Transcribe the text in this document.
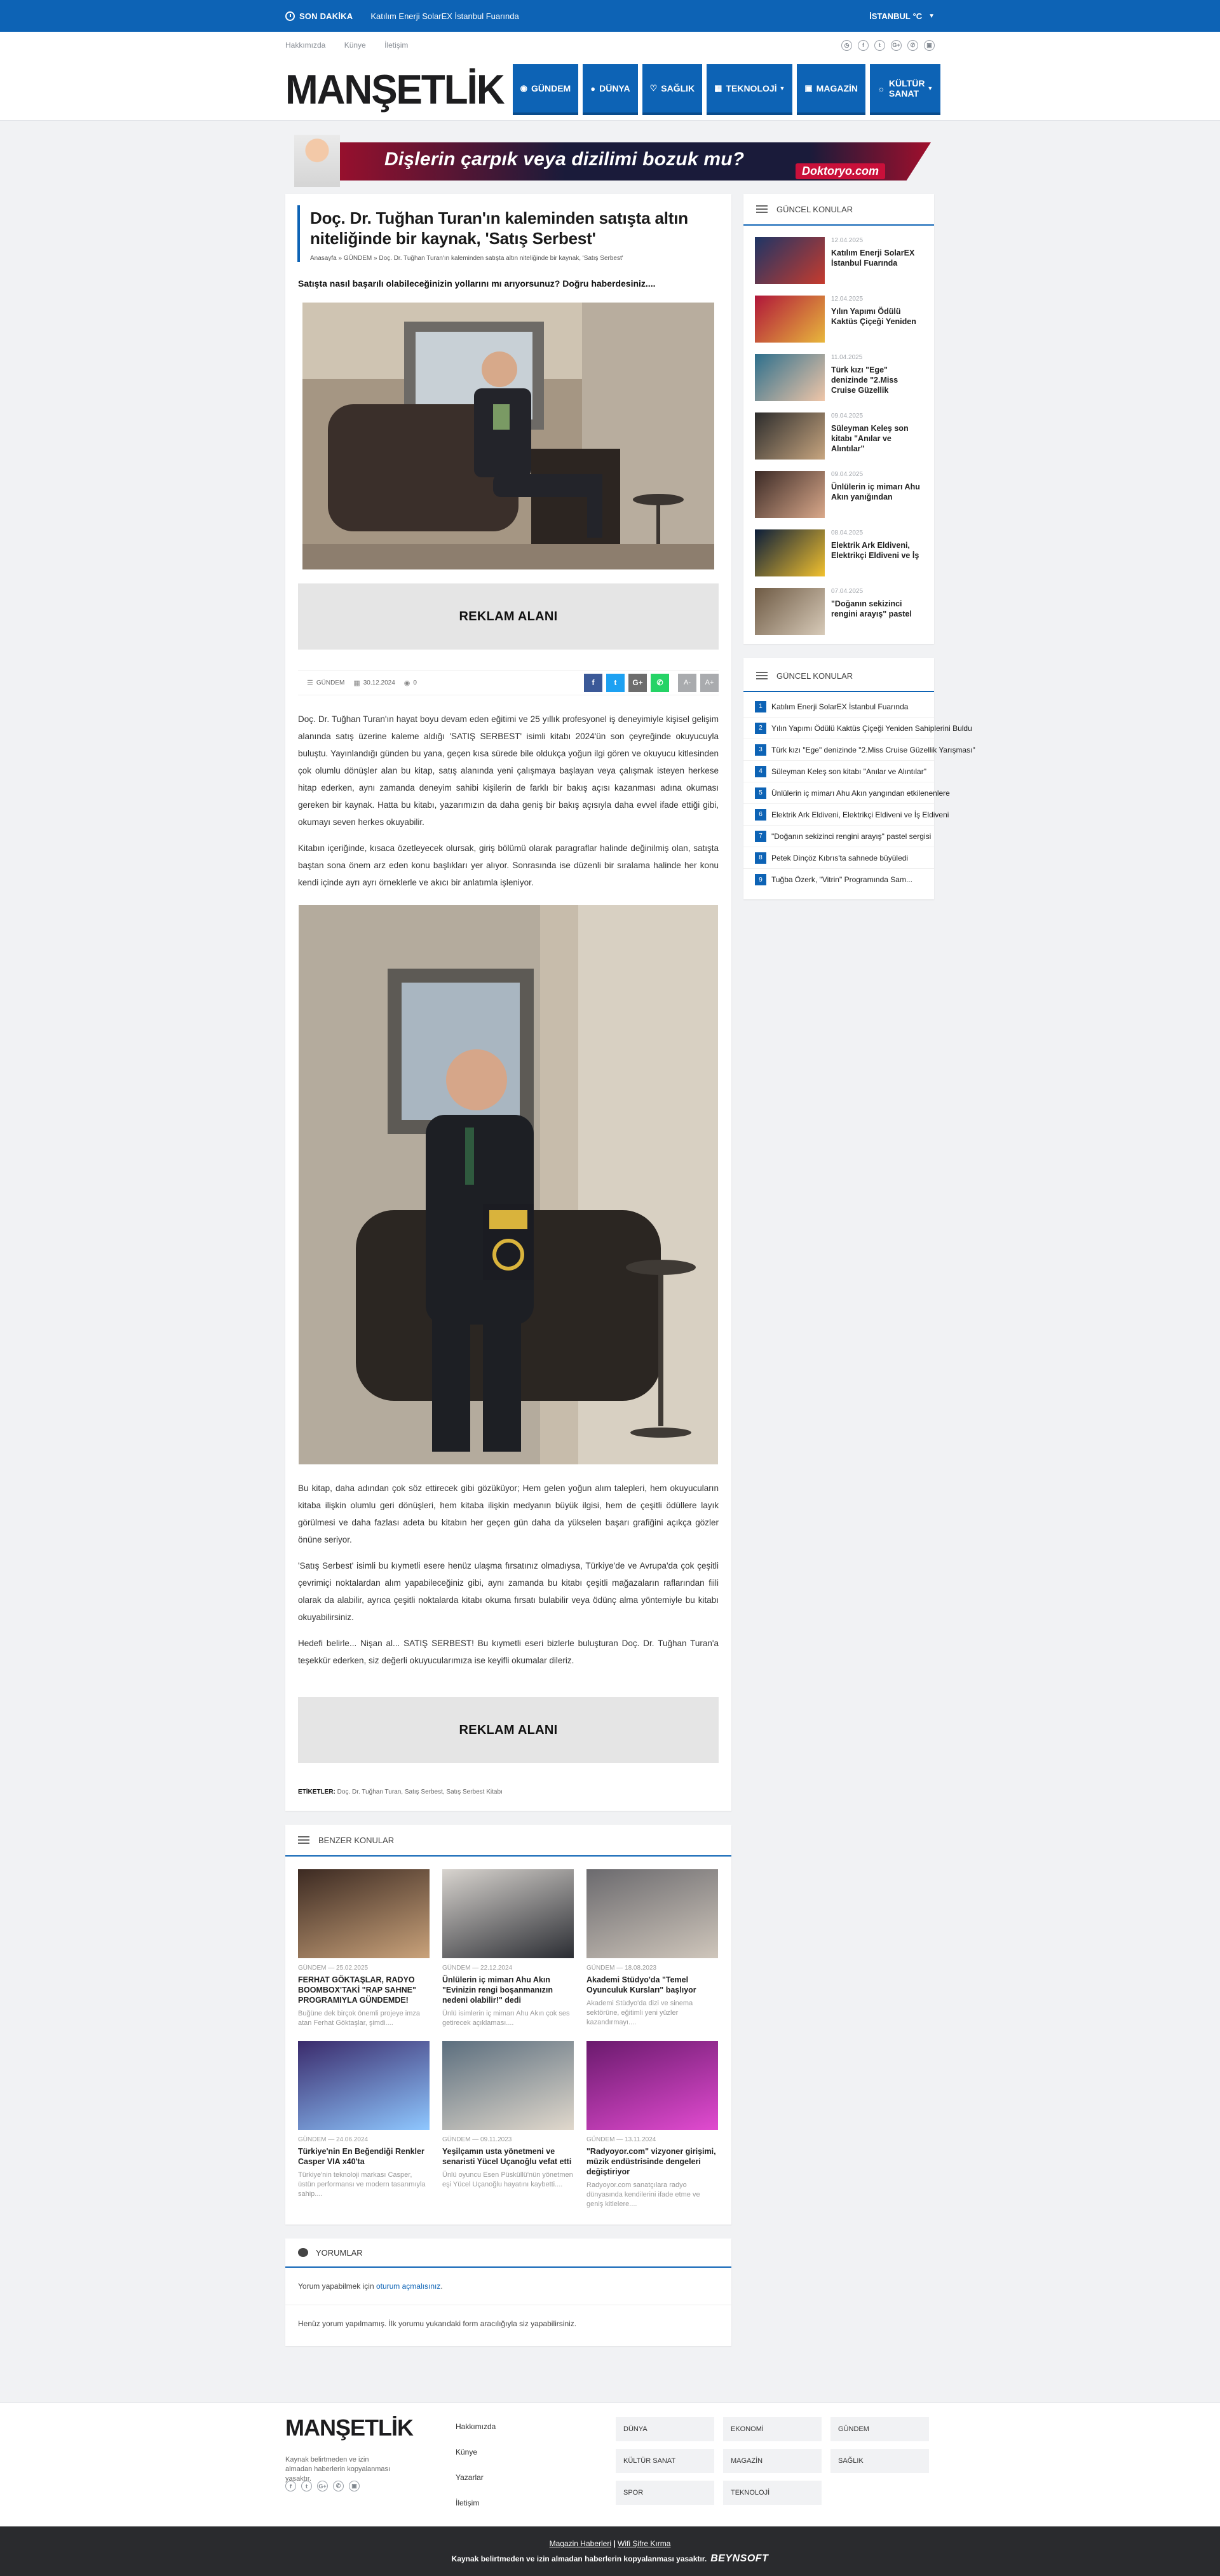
SON DAKİKA Katılım Enerji SolarEX İstanbul Fuarında	İSTANBUL
°C ▼
Hakkımızda Künye İletişim	◷	f	t	G+	✆	▣
MANŞETLİK ◉ GÜNDEM ● DÜNYA ♡ SAĞLIK ▦ TEKNOLOJİ
▼ ▣ MAGAZİN ☼ KÜLTÜR SANAT
	▼
Dişlerin çarpık veya dizilimi bozuk mu?
Doktoryo.com
Doç. Dr. Tuğhan Turan'ın kaleminden satışta altın niteliğinde bir kaynak, 'Satış Serbest'
Anasayfa » GÜNDEM » Doç. Dr. Tuğhan Turan'ın kaleminden satışta altın niteliğinde bir kaynak, 'Satış Serbest'
Satışta nasıl başarılı olabileceğinizin yollarını mı arıyorsunuz? Doğru haberdesiniz....
REKLAM ALANI
☰ GÜNDEM ▦ 30.12.2024 ◉ 0	f	t	G+	✆	A-	A+

Doç. Dr. Tuğhan Turan'ın hayat boyu devam eden eğitimi ve 25 yıllık profesyonel iş deneyimiyle kişisel gelişim alanında satış üzerine kaleme aldığı 'SATIŞ SERBEST' isimli kitabı 2024'ün son çeyreğinde okuyucuyla buluştu. Yayınlandığı günden bu yana, geçen kısa sürede bile oldukça yoğun ilgi gören ve okuyucu kitlesinden çok olumlu dönüşler alan bu kitap, satış alanında yeni çalışmaya başlayan veya çalışmak isteyen herkese hitap ederken, aynı zamanda deneyim sahibi kişilerin de farklı bir bakış açısı kazanması adına okuması gereken bir kaynak. Hatta bu kitabı, yazarımızın da daha geniş bir bakış açısıyla daha evvel ifade ettiği gibi, okumayı seven herkes okuyabilir.

Kitabın içeriğinde, kısaca özetleyecek olursak, giriş bölümü olarak paragraflar halinde değinilmiş olan, satışta baştan sona önem arz eden konu başlıkları yer alıyor. Sonrasında ise düzenli bir sıralama halinde her konu kendi içinde ayrı ayrı örneklerle ve akıcı bir anlatımla işleniyor.

Bu kitap, daha adından çok söz ettirecek gibi gözüküyor; Hem gelen yoğun alım talepleri, hem okuyucuların kitaba ilişkin olumlu geri dönüşleri, hem kitaba ilişkin medyanın büyük ilgisi, hem de çeşitli ödüllere layık görülmesi ve daha fazlası adeta bu kitabın her geçen gün daha da yükselen başarı grafiğini açıkça gözler önüne seriyor.

'Satış Serbest' isimli bu kıymetli esere henüz ulaşma fırsatınız olmadıysa, Türkiye'de ve Avrupa'da çok çeşitli çevrimiçi noktalardan alım yapabileceğiniz gibi, aynı zamanda bu kitabı çeşitli mağazaların raflarından fiili olarak da alabilir, ayrıca çeşitli noktalarda kitabı okuma fırsatı bulabilir veya ödünç alma yöntemiyle bu kitabı okuyabilirsiniz.

Hedefi belirle... Nişan al... SATIŞ SERBEST! Bu kıymetli eseri bizlerle buluşturan Doç. Dr. Tuğhan Turan'a teşekkür ederken, siz değerli okuyucularımıza ise keyifli okumalar dileriz.

REKLAM ALANI
ETİKETLER: Doç. Dr. Tuğhan Turan, Satış Serbest, Satış Serbest Kitabı
BENZER KONULAR
GÜNDEM — 25.02.2025
FERHAT GÖKTAŞLAR, RADYO BOOMBOX'TAKİ "RAP SAHNE" PROGRAMIYLA GÜNDEMDE!

Buğüne dek birçok önemli projeye imza atan Ferhat Göktaşlar, şimdi....

GÜNDEM — 22.12.2024
Ünlülerin iç mimarı Ahu Akın "Evinizin rengi boşanmanızın nedeni olabilir!" dedi

Ünlü isimlerin iç mimarı Ahu Akın çok ses getirecek açıklaması....

GÜNDEM — 18.08.2023
Akademi Stüdyo'da "Temel Oyunculuk Kursları" başlıyor

Akademi Stüdyo'da dizi ve sinema sektörüne, eğitimli yeni yüzler kazandırmayı....

GÜNDEM — 24.06.2024
Türkiye'nin En Beğendiği Renkler Casper VIA x40'ta

Türkiye'nin teknoloji markası Casper, üstün performansı ve modern tasarımıyla sahip....

GÜNDEM — 09.11.2023
Yeşilçamın usta yönetmeni ve senaristi Yücel Uçanoğlu vefat etti

Ünlü oyuncu Esen Püsküllü'nün yönetmen eşi Yücel Uçanoğlu hayatını kaybetti....

GÜNDEM — 13.11.2024
"Radyoyor.com" vizyoner girişimi, müzik endüstrisinde dengeleri değiştiriyor

Radyoyor.com sanatçılara radyo dünyasında kendilerini ifade etme ve geniş kitlelere....

YORUMLAR
Yorum yapabilmek için oturum açmalısınız.
Henüz yorum yapılmamış. İlk yorumu yukarıdaki form aracılığıyla siz yapabilirsiniz.
GÜNCEL KONULAR
12.04.2025
Katılım Enerji SolarEX İstanbul Fuarında
12.04.2025
Yılın Yapımı Ödülü Kaktüs Çiçeği Yeniden
11.04.2025
Türk kızı "Ege" denizinde "2.Miss Cruise Güzellik
09.04.2025
Süleyman Keleş son kitabı "Anılar ve Alıntılar"
09.04.2025
Ünlülerin iç mimarı Ahu Akın yanığından
08.04.2025
Elektrik Ark Eldiveni, Elektrikçi Eldiveni ve İş
07.04.2025
"Doğanın sekizinci rengini arayış" pastel
GÜNCEL KONULAR
1	Katılım Enerji SolarEX İstanbul Fuarında
2	Yılın Yapımı Ödülü Kaktüs Çiçeği Yeniden Sahiplerini Buldu
3	Türk kızı "Ege" denizinde "2.Miss Cruise Güzellik Yarışması"
4	Süleyman Keleş son kitabı "Anılar ve Alıntılar"
5	Ünlülerin iç mimarı Ahu Akın yangından etkilenenlere
6	Elektrik Ark Eldiveni, Elektrikçi Eldiveni ve İş Eldiveni
7	"Doğanın sekizinci rengini arayış" pastel sergisi
8	Petek Dinçöz Kıbrıs'ta sahnede büyüledi
9	Tuğba Özerk, "Vitrin" Programında Sam...
MANŞETLİK
Kaynak belirtmeden ve izin almadan haberlerin kopyalanması yasaktır.
f	t	G+	✆	▣
Hakkımızda
Künye
Yazarlar
İletişim
DÜNYA	EKONOMİ	GÜNDEM
KÜLTÜR SANAT	MAGAZİN	SAĞLIK
SPOR	TEKNOLOJİ
Magazin Haberleri | Wifi Şifre Kırma
Kaynak belirtmeden ve izin almadan haberlerin kopyalanması yasaktır. BEYNSOFT
